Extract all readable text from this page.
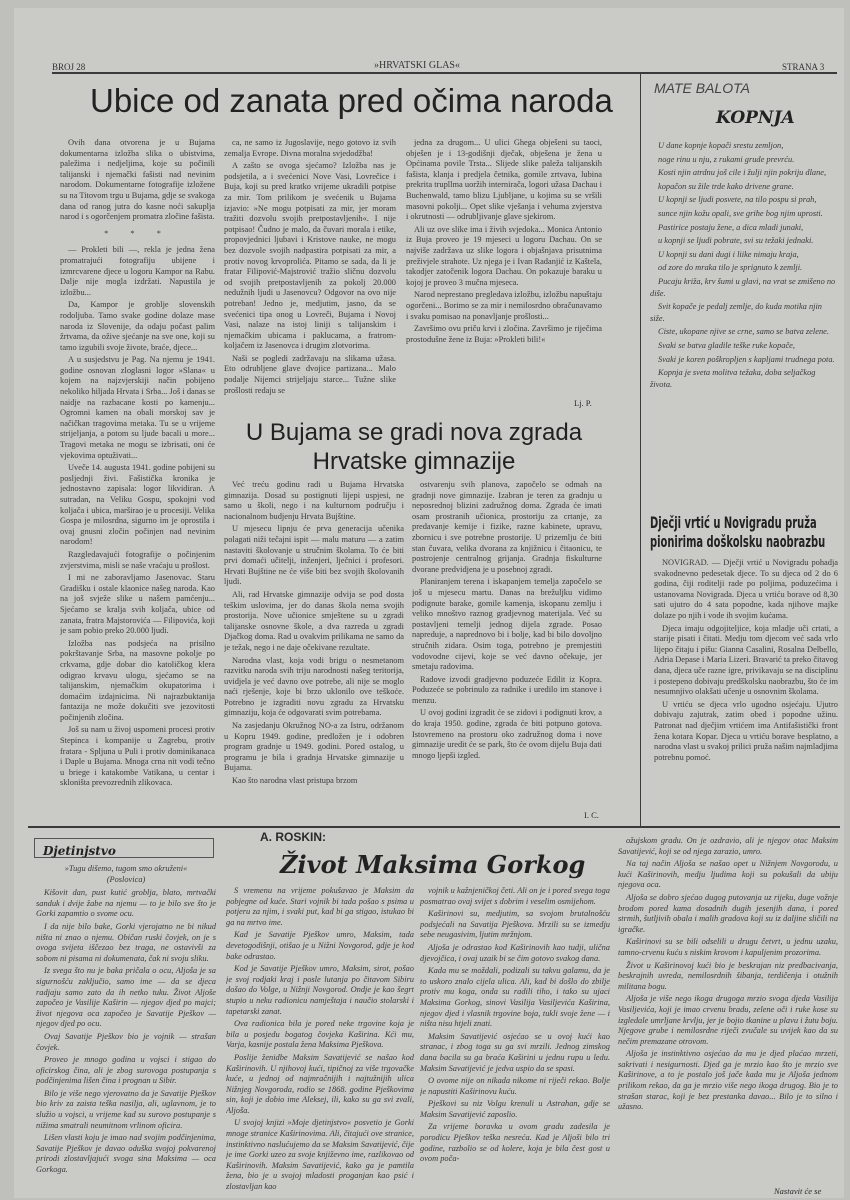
BROJ 28	»HRVATSKI GLAS«	STRANA 3
Ubice od zanata pred očima naroda

Ovih dana otvorena je u Bujama dokumentarna izložba slika o ubistvima, paležima i nedjeljima, koje su počinili talijanski i njemački fašisti nad nevinim narodom. Dokumentarne fotografije izložene su na Titovom trgu u Bujama, gdje se svakoga dana od ranog jutra do kasne noći sakuplja narod i s ogorčenjem promatra zločine fašista.

* * *

— Prokleti bili —, rekla je jedna žena promatrajući fotografiju ubijene i izmrcvarene djece u logoru Kampor na Rabu. Dalje nije mogla izdržati. Napustila je izložbu...

Da, Kampor je groblje slovenskih rodoljuba. Tamo svake godine dolaze mase naroda iz Slovenije, da odaju počast palim žrtvama, da ožive sjećanje na sve one, koji su tamo izgubili svoje živote, braće, djece...

A u susjedstvu je Pag. Na njemu je 1941. godine osnovan zloglasni logor »Slana« u kojem na najzvjerskiji način pobijeno nekoliko hiljada Hrvata i Srba... Još i danas se naidje na razbacane kosti po kamenju... Ogromni kamen na obali morskoj sav je načičkan tragovima metaka. Tu se u vrijeme strijeljanja, a potom su ljude bacali u more... Tragovi metaka ne mogu se izbrisati, oni će vjekovima optuživati...

Uveče 14. augusta 1941. godine pobijeni su posljednji živi. Fašistička kronika je jednostavno zapisala: logor likvidiran. A sutradan, na Veliku Gospu, spokojni vod koljača i ubica, marširao je u procesiji. Velika Gospa je milosrdna, sigurno im je oprostila i ovaj gnusni zločin počinjen nad nevinim narodom!

Razgledavajući fotografije o počinjenim zvjerstvima, misli se naše vraćaju u prošlost.

I mi ne zaboravljamo Jasenovac. Staru Gradišku i ostale klaonice našeg naroda. Kao na još svježe slike u našem pamćenju... Sjećamo se kralja svih koljača, ubice od zanata, fratra Majstorovića — Filipovića, koji je sam pobio preko 20.000 ljudi.

Izložba nas podsjeća na prisilno pokrštavanje Srba, na masovne pokolje po crkvama, gdje dobar dio katoličkog klera odigrao krvavu ulogu, sjećamo se na talijanskim, njemačkim okupatorima i domaćim izdajnicima. Ni najrazbuktanija fantazija ne može dokučiti sve jezovitosti počinjenih zločina.

Još su nam u živoj uspomeni procesi protiv Stepinca i kompanije u Zagrebu, protiv fratara - Spljuna u Puli i protiv dominikanaca i Daple u Bujama. Mnoga crna nit vodi tečno u briege i katakombe Vatikana, u centar i skloništa prevozrednih zlikovaca.

ca, ne samo iz Jugoslavije, nego gotovo iz svih zemalja Evrope. Divna moralna svjedodžba!

A zašto se ovoga sjećamo? Izložba nas je podsjetila, a i svećenici Nove Vasi, Lovrečice i Buja, koji su pred kratko vrijeme ukradili potpise za mir. Tom prilikom je svećenik u Bujama izjavio: »Ne mogu potpisati za mir, jer moram tražiti dozvolu svojih pretpostavljenih«. I nije potpisao! Čudno je malo, da čuvari morala i etike, propovjednici ljubavi i Kristove nauke, ne mogu bez dozvole svojih nadpastira potpisati za mir, a protiv novog krvoprolića. Pitamo se sada, da li je fratar Filipović-Majstrović tražio sličnu dozvolu od svojih pretpostavljenih za pokolj 20.000 nedužnih ljudi u Jasenovcu? Odgovor na ovo nije potreban! Jedno je, medjutim, jasno, da se svećenici tipa onog u Lovreči, Bujama i Novoj Vasi, nalaze na istoj liniji s talijanskim i njemačkim ubicama i paklucama, a fratrom-koljačem iz Jasenovca i drugim zlotvorima.

Naši se pogledi zadržavaju na slikama užasa. Eto odrubljene glave dvojice partizana... Malo podalje Nijemci strijeljaju starce... Tužne slike prošlosti redaju se

jedna za drugom... U ulici Ghega obješeni su taoci, obješen je i 13-godišnji dječak, obješena je žena u Općinama povile Trsta... Slijede slike paleža talijanskih fašista, klanja i predjela četnika, gomile zrtvava, lubina prekrita trupllma uoržih internirača, logori užasa Dachau i Buchenwald, tamo blizu Ljubljane, u kojima su se vršili masovni pokolji... Opet slike vješanja i vehuma zvjerstva i okrutnosti — odrubljivanje glave sjekirom.

Ali uz ove slike ima i živih svjedoka... Monica Antonio iz Buja proveo je 19 mjeseci u logoru Dachau. On se najviše zadržava uz slike logora i objašnjava prisutnima preživjele strahote. Uz njega je i Ivan Radanjić iz Kaštela, takodjer zatočenik logora Dachau. On pokazuje baraku u kojoj je proveo 3 mučna mjeseca.

Narod neprestano pregledava izložbu, izložbu napuštaju ogorčeni... Borimo se za mir i nemilosrdno obračunavamo i svaku pomisao na ponavljanje prošlosti...

Završimo ovu priču krvi i zločina. Završimo je riječima prostodušne žene iz Buja: »Prokleti bili!«

Lj. P.
MATE BALOTA
KOPNJA

U dane kopnje kopači srestu zemljon,

noge rinu u nju, z rukami grude prevrću.

Kosti njin atrdnu još cile i žulji njin pokriju dlane,

kopačon su žile trde kako drivene grane.

U kopnji se ljudi posvete, na tilo pospu si prah,

sunce njin kožu opali, sve grihe bog njim uprosti.

Pastirice postaju žene, a dica mladi junaki,

u kopnji se ljudi pobrate, svi su težaki jednaki.

U kopnji su dani dugi i liike nimaju kraja,

od zore do mraka tilo je sprignuto k zemlji.

Pucaju križa, krv šumi u glavi, na vrat se zmišeno no diše.

Svit kopače je pedalj zemlje, do kuda motika njin siže.

Ciste, ukopane njive se crne, samo se batva zelene.

Svaki se batva gladile teške ruke kopače,

Svaki je koren poškropljen s kapljami trudnega pota.

Kopnja je sveta molitva težaka, doba seljačkog života.

U Bujama se gradi nova zgrada
Hrvatske gimnazije

Već treću godinu radi u Bujama Hrvatska gimnazija. Dosad su postignuti lijepi uspjesi, ne samo u školi, nego i na kulturnom području i nacionalnom budjenju Hrvata Bujštine.

U mjesecu lipnju će prva generacija učenika polagati niži tečajni ispit — malu maturu — a zatim nastaviti školovanje u stručnim školama. To će biti prvi domaći učitelji, inženjeri, lječnici i profesori. Hrvati Bujštine ne će više biti bez svojih školovanih ljudi.

Ali, rad Hrvatske gimnazije odvija se pod dosta teškim uslovima, jer do danas škola nema svojih prostorija. Nove učionice smještene su u zgradi talijanske osnovne škole, a dva razreda u zgradi Djačkog doma. Rad u ovakvim prilikama ne samo da je težak, nego i ne daje očekivane rezultate.

Narodna vlast, koja vodi brigu o nesmetanom razvitku naroda svih triju narodnosti našeg teritorija, uvidjela je već davno ove potrebe, ali nije se moglo naći rješenje, koje bi brzo uklonilo ove teškoće. Potrebno je izgraditi novu zgradu za Hrvatsku gimnaziju, koja će odgovarati svim potrebama.

Na zasjedanju Okružnog NO-a za Istru, održanom u Kopru 1949. godine, predložen je i odobren program gradnje u 1949. godini. Pored ostalog, u programu je bila i gradnja Hrvatske gimnazije u Bujama.

Kao što narodna vlast pristupa brzom

ostvarenju svih planova, započelo se odmah na gradnji nove gimnazije. Izabran je teren za gradnju u neposrednoj blizini zadružnog doma. Zgrada će imati osam prostranih učionica, prostoriju za crtanje, za predavanje kemije i fizike, razne kabinete, upravu, zbornicu i sve potrebne prostorije. U prizemlju će biti stan čuvara, velika dvorana za knjižnicu i čitaonicu, te postrojenje centralnog grijanja. Gradnja fiskulturne dvorane predvidjena je u posebnoj zgradi.

Planiranjem terena i iskapanjem temelja započelo se još u mjesecu martu. Danas na brežuljku vidimo podignute barake, gomile kamenja, iskopanu zemlju i veliko mnoštvo raznog gradjevnog materijala. Već su postavljeni temelji jednog dijela zgrade. Posao napreduje, a naprednovo bi i bolje, kad bi bilo dovoljno stručnih zidara. Osim toga, potrebno je premjestiti vodovodne cijevi, koje se već davno očekuje, jer smetaju radovima.

Radove izvodi gradjevno poduzeće Edilit iz Kopra. Poduzeće se pobrinulo za radnike i uredilo im stanove i menzu.

U ovoj godini izgradit će se zidovi i podignuti krov, a do kraja 1950. godine, zgrada će biti potpuno gotova. Istovremeno na prostoru oko zadružnog doma i nove gimnazije uredit će se park, što će ovom dijelu Buja dati mnogo ljepši izgled.

I. C.
Dječji vrtić u Novigradu pruža
pionirima doškolsku naobrazbu

NOVIGRAD. — Dječji vrtić u Novigradu pohadja svakodnevno pedesetak djece. To su djeca od 2 do 6 godina, čiji roditelji rade po poljima, poduzećima i ustanovama Novigrada. Djeca u vrtiću borave od 8,30 sati ujutro do 4 sata popodne, kada njihove majke dolaze po njih i vode ih svojim kućama.

Djeca imaju odgojiteljice, koja mladje uči crtati, a starije pisati i čitati. Medju tom djecom već sada vrlo lijepo čitaju i pišu: Gianna Casalini, Rosalna Delbello, Adria Depase i Maria Lizeri. Bravarić ta preko čitavog dana, djeca uče razne igre, privikavaju se na disciplinu i postepeno dobivaju predškolsku naobrazbu, što će im nesumnjivo olakšati učenje u osnovnim školama.

U vrtiću se djeca vrlo ugodno osjećaju. Ujutro dobivaju zajutrak, zatim obed i popodne užinu. Patronat nad dječjim vrtićem ima Antifašistički front žena kotara Kopar. Djeca u vrtiću borave besplatno, a narodna vlast u svakoj prilici pruža našim najmladjima potrebnu pomoć.

Djetinjstvo
»Tugu dišemo, tugom smo okruženi«
(Poslovica)

Kišovit dan, pust kutić groblja, blato, mrtvački sanduk i dvije žabe na njemu — to je bilo sve što je Gorki zapamtio o svome ocu.

I da nije bilo bake, Gorki vjerojatno ne bi nikud ništa ni znao o njemu. Običan ruski čovjek, on je s ovoga svijeta iščezao bez traga, ne ostavivši za sobom ni pisama ni dokumenata, čak ni svoju sliku.

Iz svega što nu je baka pričala o ocu, Aljoša je sa sigurnošću zaključio, samo ime — da se djeca radjaju samo zato da ih netko tuku. Život Aljoše započeo je Vasilije Kaširin — njegov djed po majci; život njegova oca započeo je Savatije Pješkov — njegov djed po ocu.

Ovaj Savatije Pješkov bio je vojnik — strašan čovjek.

Proveo je mnogo godina u vojsci i stigao do oficirskog čina, ali je zbog surovoga postupanja s podčinjenima lišen čina i prognan u Sibir.

Bilo je više nego vjerovatno da je Savatije Pješkov bio kriv za zaista teška nasilja, ali, uglavnom, je to služio u vojsci, u vrijeme kad su surovo postupanje s nižima smatrali neumitnom vrlinom oficira.

Lišen vlasti koju je imao nad svojim podčinjenima, Savatije Pješkov je davao oduška svojoj pokvarenoj prirodi zlostavljajući svoga sina Maksima — oca Gorkoga.

A. ROSKIN:
Život Maksima Gorkog

S vremenu na vrijeme pokušavao je Maksim da pobjegne od kuće. Stari vojnik bi tada pošao s psima u potjeru za njim, i svaki put, kad bi ga stigao, istukao bi ga na mrtvo ime.

Kad je Savatije Pješkov umro, Maksim, tada devetogodišnji, otišao je u Nižni Novgorod, gdje je kod bake odrastao.

Kod je Savatije Pješkov umro, Maksim, sirot, pošao je svoj rodjaki kraj i posle lutanja po čitavom Sibiru došao do Volge, u Nižnji Novgorod. Ondje je kao šegrt stupio u neku radionicu namještaja i naučio stolarski i tapetarski zanat.

Ova radionica bila je pored neke trgovine koja je bila u posjedu bogatog čovjeka Kaširina. Kći mu, Varja, kasnije postala žena Maksima Pješkova.

Poslije ženidbe Maksim Savatijević se našao kod Kaširinovih. U njihovoj kući, tipičnoj za više trgovačke kuće, u jednoj od najmračnijih i najtužnijih ulica Nižnjeg Novgoroda, rodio se 1868. godine Pješkovima sin, koji je dobio ime Aleksej, ili, kako su ga svi zvali, Aljoša.

U svojoj knjizi »Moje djetinjstvo« posvetio je Gorki mnoge stranice Kaširinovima. Ali, čitajući ove stranice, instinktivno naslućujemo da se Maksim Savatijević, čije je ime Gorki uzeo za svoje književno ime, razlikovao od Kaširinovih. Maksim Savatijević, kako ga je pamtila žena, bio je u svojoj mladosti proganjan kao psić i zlostavljan kao

vojnik u kažnjeničkoj četi. Ali on je i pored svega toga posmatrao ovaj svijet s dobrim i veselim osmijehom.

Kaširinovi su, medjutim, sa svojom brutalnošću podsjećali na Savatija Pješkova. Mrzili su se izmedju sebe neugasivim, ljutim mržnjom.

Aljoša je odrastao kod Kaširinovih kao tudji, ulična djevojčica, i ovaj uzaik bi se čim gotovo svakog dana.

Kada mu se moždali, podizali su takvu galamu, da je to uskoro znalo cijela ulica. Ali, kad bi došlo do zbilje protiv mu koga, onda su radili tiho, i tako su ujaci Maksima Gorkog, sinovi Vasilija Vasiljevića Kaširina, njegov djed i vlasnik trgovine boja, tukli svoje žene — i ništa nisu htjeli znati.

Maksim Savatijević osjećao se u ovoj kući kao stranac, i zbog toga su ga svi mrzili. Jednog zimskog dana bacila su ga braća Kaširini u jednu rupu u ledu. Maksim Savatijević je jedva uspio da se spasi.

O ovome nije on nikada nikome ni riječi rekao. Bolje je napustiti Kaširinovu kuću.

Pješkovi su niz Volgu krenuli u Astrahan, gdje se Maksim Savatijević zaposlio.

Za vrijeme boravka u ovom gradu zadesila je porodicu Pješkov teška nesreća. Kad je Aljoši bilo tri godine, razbolio se od kolere, koja je bila čest gost u ovom poča-

ožujskom gradu. On je ozdravio, ali je njegov otac Maksim Savatijević, koji se od njega zarazio, umro.

Na taj način Aljoša se našao opet u Nižnjem Novgorodu, u kući Kaširinovih, medju ljudima koji su pokušali da ubiju njegova oca.

Aljoša se dobro sjećao dugog putovanja uz rijeku, duge vožnje brodom pored kama dosadnih dugih jesenjih dana, i pored strmih, šutljivih obala i malih gradova koji su iz daljine sličili na igračke.

Kaširinovi su se bili odselili u drugu četvrt, u jednu uzaku, tamno-crvenu kuću s niskim krovom i kapuljenim prozorima.

Život u Kaširinovoj kući bio je beskrajan niz predbacivanja, beskrajnih uvreda, nemilosrdnih šibanja, terdičenja i otužnih militana bogu.

Aljoša je više nego ikoga drugoga mrzio svoga djeda Vasilija Vasiljevića, koji je imao crvenu bradu, zelene oči i ruke kose su izgledale umrljane krvlju, jer je bojio tkanine u plavu i žutu boju. Njegove grube i nemilosrdne riječi zvučale su uvijek kao da su nečim premazane otrovom.

Aljoša je instinktivno osjećao da mu je djed plaćao mrzeti, sakrivati i nesigurnosti. Djed ga je mrzio kao što je mrzio sve Kaširinove, a to je postalo još jače kada mu je Aljoša jednom prilikom rekao, da ga je mrzio više nego ikoga drugog. Bio je to strašan starac, koji je bez prestanka davao... Bilo je to silno i užasno.

Nastavit će se
